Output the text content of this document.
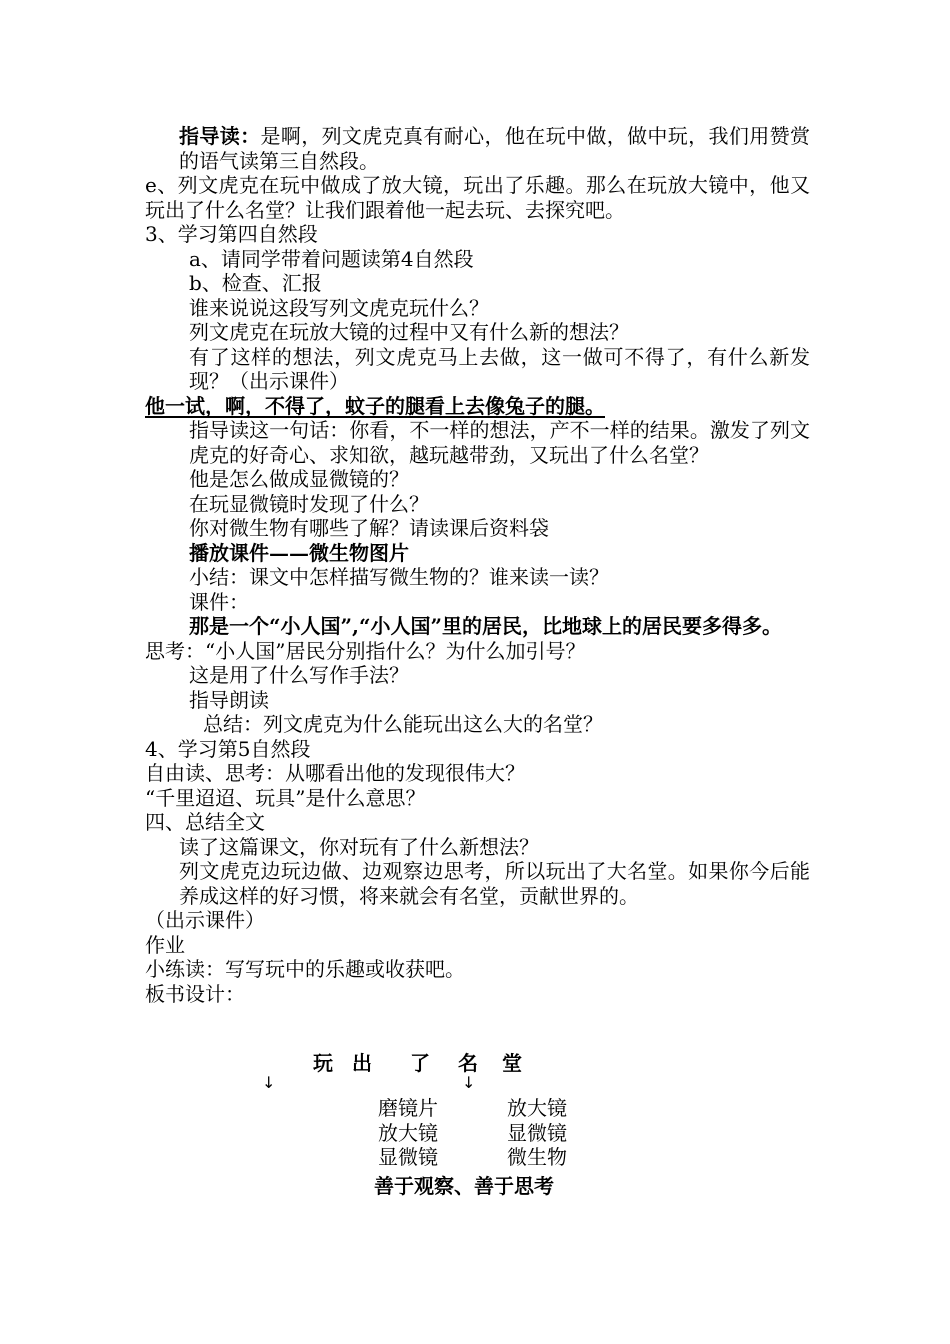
指导读：是啊，列文虎克真有耐心，他在玩中做，做中玩，我们用赞赏的语气读第三自然段。
e、列文虎克在玩中做成了放大镜，玩出了乐趣。那么在玩放大镜中，他又玩出了什么名堂？让我们跟着他一起去玩、去探究吧。
3、学习第四自然段
a、请同学带着问题读第4自然段
b、检查、汇报
谁来说说这段写列文虎克玩什么？
列文虎克在玩放大镜的过程中又有什么新的想法？
有了这样的想法，列文虎克马上去做，这一做可不得了，有什么新发现？（出示课件）
他一试，啊，不得了，蚊子的腿看上去像兔子的腿。
指导读这一句话：你看，不一样的想法，产不一样的结果。激发了列文虎克的好奇心、求知欲，越玩越带劲，又玩出了什么名堂？
他是怎么做成显微镜的？
在玩显微镜时发现了什么？
你对微生物有哪些了解？请读课后资料袋
播放课件——微生物图片
小结：课文中怎样描写微生物的？谁来读一读？
课件：
那是一个“小人国”,“小人国”里的居民，比地球上的居民要多得多。
思考：“小人国”居民分别指什么？为什么加引号？
这是用了什么写作手法？
指导朗读
总结：列文虎克为什么能玩出这么大的名堂？
4、学习第5自然段
自由读、思考：从哪看出他的发现很伟大？
“千里迢迢、玩具”是什么意思？
四、总结全文
读了这篇课文，你对玩有了什么新想法？
列文虎克边玩边做、边观察边思考，所以玩出了大名堂。如果你今后能养成这样的好习惯，将来就会有名堂，贡献世界的。
（出示课件）
作业
小练读：写写玩中的乐趣或收获吧。
板书设计：
玩 出 了 名 堂
↓	↓
磨镜片
放大镜
显微镜
放大镜
显微镜
微生物
善于观察、善于思考
